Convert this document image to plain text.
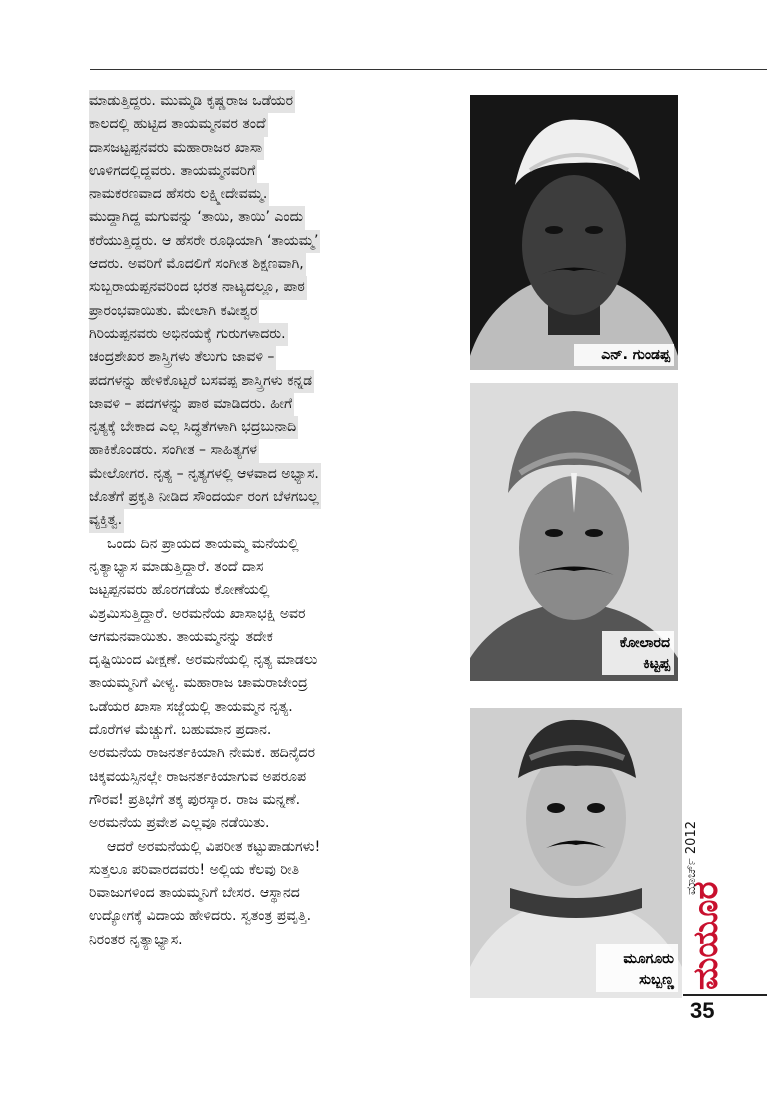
ಮಾಡುತ್ತಿದ್ದರು. ಮುಮ್ಮಡಿ ಕೃಷ್ಣರಾಜ ಒಡೆಯರ
ಕಾಲದಲ್ಲಿ ಹುಟ್ಟಿದ ತಾಯಮ್ಮನವರ ತಂದೆ
ದಾಸಜಟ್ಟಪ್ಪನವರು ಮಹಾರಾಜರ ಖಾಸಾ
ಊಳಿಗದಲ್ಲಿದ್ದವರು. ತಾಯಮ್ಮನವರಿಗೆ
ನಾಮಕರಣವಾದ ಹೆಸರು ಲಕ್ಷ್ಮೀದೇವಮ್ಮ.
ಮುದ್ದಾಗಿದ್ದ ಮಗುವನ್ನು ‘ತಾಯಿ, ತಾಯಿ’ ಎಂದು
ಕರೆಯುತ್ತಿದ್ದರು. ಆ ಹೆಸರೇ ರೂಢಿಯಾಗಿ ‘ತಾಯಮ್ಮ’
ಆದರು. ಅವರಿಗೆ ಮೊದಲಿಗೆ ಸಂಗೀತ ಶಿಕ್ಷಣವಾಗಿ,
ಸುಬ್ಬರಾಯಪ್ಪನವರಿಂದ ಭರತ ನಾಟ್ಯದಲ್ಲೂ, ಪಾಠ
ಪ್ರಾರಂಭವಾಯಿತು. ಮೇಲಾಗಿ ಕವೀಶ್ವರ
ಗಿರಿಯಪ್ಪನವರು ಅಭಿನಯಕ್ಕೆ ಗುರುಗಳಾದರು.
ಚಂದ್ರಶೇಖರ ಶಾಸ್ತ್ರಿಗಳು ತೆಲುಗು ಜಾವಳಿ –
ಪದಗಳನ್ನು ಹೇಳಿಕೊಟ್ಟರೆ ಬಸವಪ್ಪ ಶಾಸ್ತ್ರಿಗಳು ಕನ್ನಡ
ಜಾವಳಿ – ಪದಗಳನ್ನು ಪಾಠ ಮಾಡಿದರು. ಹೀಗೆ
ನೃತ್ಯಕ್ಕೆ ಬೇಕಾದ ಎಲ್ಲ ಸಿದ್ಧತೆಗಳಾಗಿ ಭದ್ರಬುನಾದಿ
ಹಾಕಿಕೊಂಡರು. ಸಂಗೀತ – ಸಾಹಿತ್ಯಗಳ
ಮೇಲೋಗರ. ನೃತ್ಯ – ನೃತ್ಯಗಳಲ್ಲಿ ಆಳವಾದ ಅಭ್ಯಾಸ.
ಜೊತೆಗೆ ಪ್ರಕೃತಿ ನೀಡಿದ ಸೌಂದರ್ಯ ರಂಗ ಬೆಳಗಬಲ್ಲ
ವ್ಯಕ್ತಿತ್ವ.
ಒಂದು ದಿನ ಪ್ರಾಯದ ತಾಯಮ್ಮ ಮನೆಯಲ್ಲಿ
ನೃತ್ಯಾಭ್ಯಾಸ ಮಾಡುತ್ತಿದ್ದಾರೆ. ತಂದೆ ದಾಸ
ಜಟ್ಟಪ್ಪನವರು ಹೊರಗಡೆಯ ಕೋಣೆಯಲ್ಲಿ
ವಿಶ್ರಮಿಸುತ್ತಿದ್ದಾರೆ. ಅರಮನೆಯ ಖಾಸಾಭಕ್ಷಿ ಅವರ
ಆಗಮನವಾಯಿತು. ತಾಯಮ್ಮನನ್ನು ತದೇಕ
ದೃಷ್ಟಿಯಿಂದ ವೀಕ್ಷಣೆ. ಅರಮನೆಯಲ್ಲಿ ನೃತ್ಯ ಮಾಡಲು
ತಾಯಮ್ಮನಿಗೆ ವೀಳ್ಯ. ಮಹಾರಾಜ ಚಾಮರಾಜೇಂದ್ರ
ಒಡೆಯರ ಖಾಸಾ ಸಜ್ಜೆಯಲ್ಲಿ ತಾಯಮ್ಮನ ನೃತ್ಯ.
ದೊರೆಗಳ ಮೆಚ್ಚುಗೆ. ಬಹುಮಾನ ಪ್ರದಾನ.
ಅರಮನೆಯ ರಾಜನರ್ತಕಿಯಾಗಿ ನೇಮಕ. ಹದಿನೈದರ
ಚಿಕ್ಕವಯಸ್ಸಿನಲ್ಲೇ ರಾಜನರ್ತಕಿಯಾಗುವ ಅಪರೂಪ
ಗೌರವ! ಪ್ರತಿಭೆಗೆ ತಕ್ಕ ಪುರಸ್ಕಾರ. ರಾಜ ಮನ್ನಣೆ.
ಅರಮನೆಯ ಪ್ರವೇಶ ಎಲ್ಲವೂ ನಡೆಯಿತು.
ಆದರೆ ಅರಮನೆಯಲ್ಲಿ ವಿಪರೀತ ಕಟ್ಟುಪಾಡುಗಳು!
ಸುತ್ತಲೂ ಪರಿವಾರದವರು! ಅಲ್ಲಿಯ ಕೆಲವು ರೀತಿ
ರಿವಾಜುಗಳಿಂದ ತಾಯಮ್ಮನಿಗೆ ಬೇಸರ. ಆಸ್ಥಾನದ
ಉದ್ಯೋಗಕ್ಕೆ ವಿದಾಯ ಹೇಳಿದರು. ಸ್ವತಂತ್ರ ಪ್ರವೃತ್ತಿ.
ನಿರಂತರ ನೃತ್ಯಾಭ್ಯಾಸ.
ಎನ್. ಗುಂಡಪ್ಪ
ಕೋಲಾರದ
ಕಿಟ್ಟಪ್ಪ
ಮೂಗೂರು
ಸುಬ್ಬಣ್ಣ ಮಯೂರ
ಮಾರ್ಚ್ 2012
35
